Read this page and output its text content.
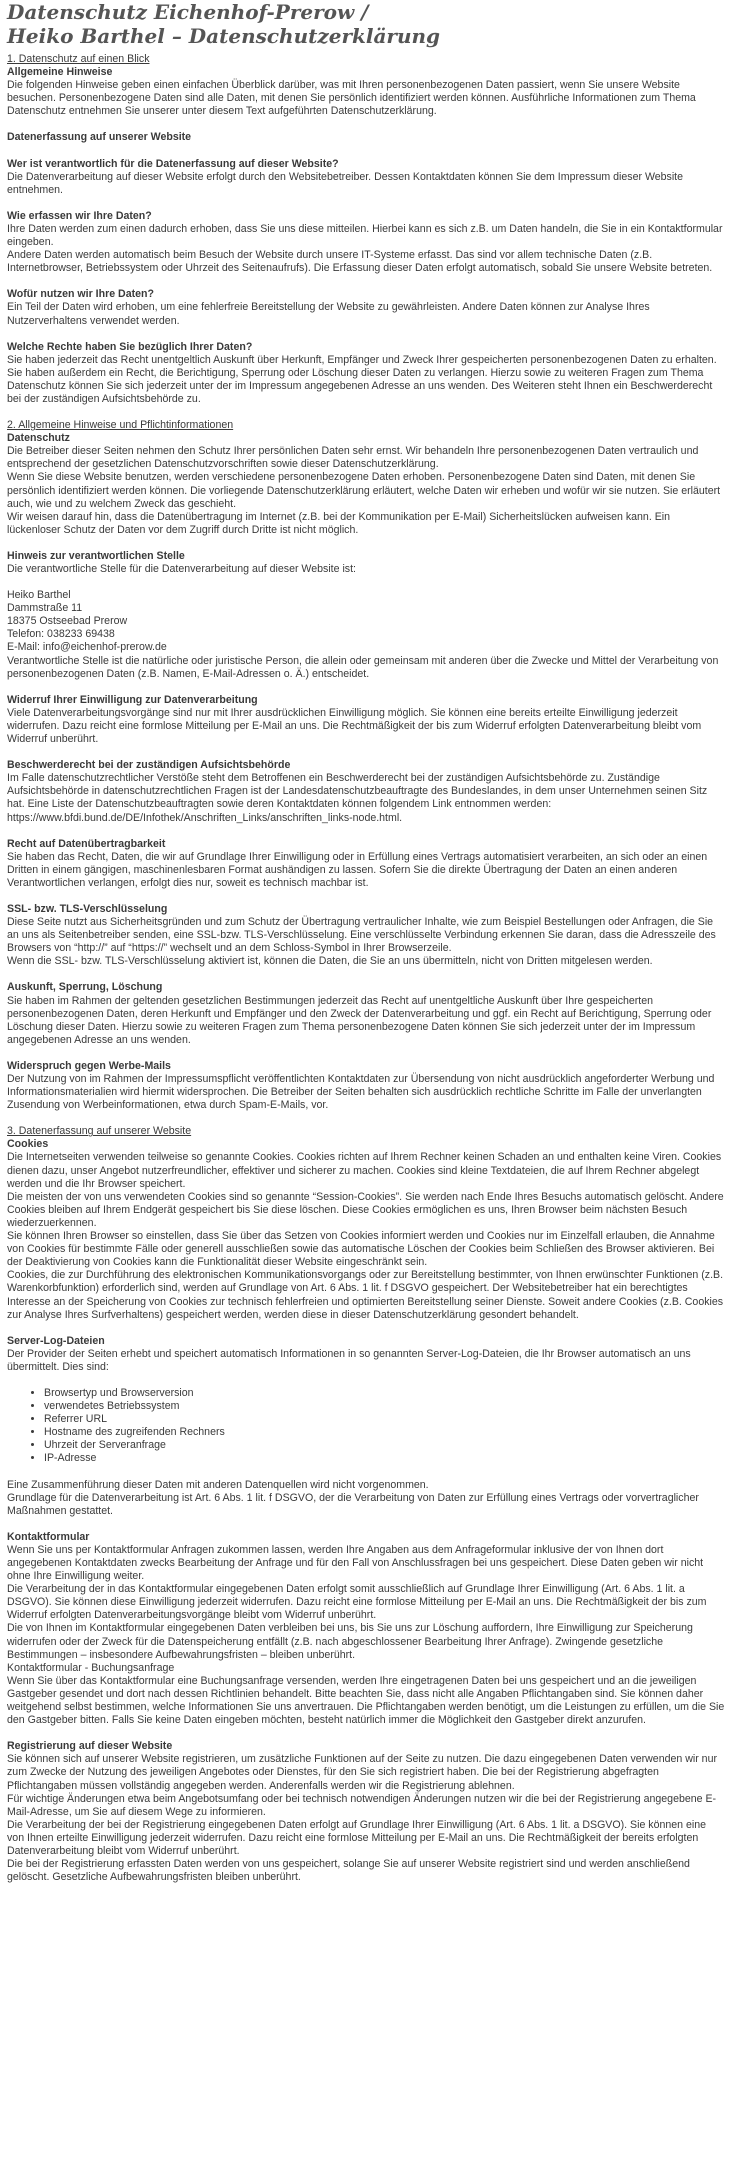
Datenschutz Eichenhof-Prerow /
Heiko Barthel – Datenschutzerklärung

1. Datenschutz auf einen Blick

Allgemeine Hinweise

Die folgenden Hinweise geben einen einfachen Überblick darüber, was mit Ihren personenbezogenen Daten passiert, wenn Sie unsere Website besuchen. Personenbezogene Daten sind alle Daten, mit denen Sie persönlich identifiziert werden können. Ausführliche Informationen zum Thema Datenschutz entnehmen Sie unserer unter diesem Text aufgeführten Datenschutzerklärung.

Datenerfassung auf unserer Website

Wer ist verantwortlich für die Datenerfassung auf dieser Website?

Die Datenverarbeitung auf dieser Website erfolgt durch den Websitebetreiber. Dessen Kontaktdaten können Sie dem Impressum dieser Website entnehmen.

Wie erfassen wir Ihre Daten?

Ihre Daten werden zum einen dadurch erhoben, dass Sie uns diese mitteilen. Hierbei kann es sich z.B. um Daten handeln, die Sie in ein Kontaktformular eingeben.
Andere Daten werden automatisch beim Besuch der Website durch unsere IT-Systeme erfasst. Das sind vor allem technische Daten (z.B. Internetbrowser, Betriebssystem oder Uhrzeit des Seitenaufrufs). Die Erfassung dieser Daten erfolgt automatisch, sobald Sie unsere Website betreten.

Wofür nutzen wir Ihre Daten?

Ein Teil der Daten wird erhoben, um eine fehlerfreie Bereitstellung der Website zu gewährleisten. Andere Daten können zur Analyse Ihres Nutzerverhaltens verwendet werden.

Welche Rechte haben Sie bezüglich Ihrer Daten?

Sie haben jederzeit das Recht unentgeltlich Auskunft über Herkunft, Empfänger und Zweck Ihrer gespeicherten personenbezogenen Daten zu erhalten. Sie haben außerdem ein Recht, die Berichtigung, Sperrung oder Löschung dieser Daten zu verlangen. Hierzu sowie zu weiteren Fragen zum Thema Datenschutz können Sie sich jederzeit unter der im Impressum angegebenen Adresse an uns wenden. Des Weiteren steht Ihnen ein Beschwerderecht bei der zuständigen Aufsichtsbehörde zu.

2. Allgemeine Hinweise und Pflichtinformationen

Datenschutz

Die Betreiber dieser Seiten nehmen den Schutz Ihrer persönlichen Daten sehr ernst. Wir behandeln Ihre personenbezogenen Daten vertraulich und entsprechend der gesetzlichen Datenschutzvorschriften sowie dieser Datenschutzerklärung.
Wenn Sie diese Website benutzen, werden verschiedene personenbezogene Daten erhoben. Personenbezogene Daten sind Daten, mit denen Sie persönlich identifiziert werden können. Die vorliegende Datenschutzerklärung erläutert, welche Daten wir erheben und wofür wir sie nutzen. Sie erläutert auch, wie und zu welchem Zweck das geschieht.
Wir weisen darauf hin, dass die Datenübertragung im Internet (z.B. bei der Kommunikation per E-Mail) Sicherheitslücken aufweisen kann. Ein lückenloser Schutz der Daten vor dem Zugriff durch Dritte ist nicht möglich.

Hinweis zur verantwortlichen Stelle

Die verantwortliche Stelle für die Datenverarbeitung auf dieser Website ist:

Heiko Barthel

Dammstraße 11

18375 Ostseebad Prerow

Telefon: 038233 69438

E-Mail: info@eichenhof-prerow.de

Verantwortliche Stelle ist die natürliche oder juristische Person, die allein oder gemeinsam mit anderen über die Zwecke und Mittel der Verarbeitung von personenbezogenen Daten (z.B. Namen, E-Mail-Adressen o. Ä.) entscheidet.

Widerruf Ihrer Einwilligung zur Datenverarbeitung

Viele Datenverarbeitungsvorgänge sind nur mit Ihrer ausdrücklichen Einwilligung möglich. Sie können eine bereits erteilte Einwilligung jederzeit widerrufen. Dazu reicht eine formlose Mitteilung per E-Mail an uns. Die Rechtmäßigkeit der bis zum Widerruf erfolgten Datenverarbeitung bleibt vom Widerruf unberührt.

Beschwerderecht bei der zuständigen Aufsichtsbehörde

Im Falle datenschutzrechtlicher Verstöße steht dem Betroffenen ein Beschwerderecht bei der zuständigen Aufsichtsbehörde zu. Zuständige Aufsichtsbehörde in datenschutzrechtlichen Fragen ist der Landesdatenschutzbeauftragte des Bundeslandes, in dem unser Unternehmen seinen Sitz hat. Eine Liste der Datenschutzbeauftragten sowie deren Kontaktdaten können folgendem Link entnommen werden: https://www.bfdi.bund.de/DE/Infothek/Anschriften_Links/anschriften_links-node.html.

Recht auf Datenübertragbarkeit

Sie haben das Recht, Daten, die wir auf Grundlage Ihrer Einwilligung oder in Erfüllung eines Vertrags automatisiert verarbeiten, an sich oder an einen Dritten in einem gängigen, maschinenlesbaren Format aushändigen zu lassen. Sofern Sie die direkte Übertragung der Daten an einen anderen Verantwortlichen verlangen, erfolgt dies nur, soweit es technisch machbar ist.

SSL- bzw. TLS-Verschlüsselung

Diese Seite nutzt aus Sicherheitsgründen und zum Schutz der Übertragung vertraulicher Inhalte, wie zum Beispiel Bestellungen oder Anfragen, die Sie an uns als Seitenbetreiber senden, eine SSL-bzw. TLS-Verschlüsselung. Eine verschlüsselte Verbindung erkennen Sie daran, dass die Adresszeile des Browsers von “http://” auf “https://” wechselt und an dem Schloss-Symbol in Ihrer Browserzeile.
Wenn die SSL- bzw. TLS-Verschlüsselung aktiviert ist, können die Daten, die Sie an uns übermitteln, nicht von Dritten mitgelesen werden.

Auskunft, Sperrung, Löschung

Sie haben im Rahmen der geltenden gesetzlichen Bestimmungen jederzeit das Recht auf unentgeltliche Auskunft über Ihre gespeicherten personenbezogenen Daten, deren Herkunft und Empfänger und den Zweck der Datenverarbeitung und ggf. ein Recht auf Berichtigung, Sperrung oder Löschung dieser Daten. Hierzu sowie zu weiteren Fragen zum Thema personenbezogene Daten können Sie sich jederzeit unter der im Impressum angegebenen Adresse an uns wenden.

Widerspruch gegen Werbe-Mails

Der Nutzung von im Rahmen der Impressumspflicht veröffentlichten Kontaktdaten zur Übersendung von nicht ausdrücklich angeforderter Werbung und Informationsmaterialien wird hiermit widersprochen. Die Betreiber der Seiten behalten sich ausdrücklich rechtliche Schritte im Falle der unverlangten Zusendung von Werbeinformationen, etwa durch Spam-E-Mails, vor.

3. Datenerfassung auf unserer Website

Cookies

Die Internetseiten verwenden teilweise so genannte Cookies. Cookies richten auf Ihrem Rechner keinen Schaden an und enthalten keine Viren. Cookies dienen dazu, unser Angebot nutzerfreundlicher, effektiver und sicherer zu machen. Cookies sind kleine Textdateien, die auf Ihrem Rechner abgelegt werden und die Ihr Browser speichert.
Die meisten der von uns verwendeten Cookies sind so genannte “Session-Cookies”. Sie werden nach Ende Ihres Besuchs automatisch gelöscht. Andere Cookies bleiben auf Ihrem Endgerät gespeichert bis Sie diese löschen. Diese Cookies ermöglichen es uns, Ihren Browser beim nächsten Besuch wiederzuerkennen.
Sie können Ihren Browser so einstellen, dass Sie über das Setzen von Cookies informiert werden und Cookies nur im Einzelfall erlauben, die Annahme von Cookies für bestimmte Fälle oder generell ausschließen sowie das automatische Löschen der Cookies beim Schließen des Browser aktivieren. Bei der Deaktivierung von Cookies kann die Funktionalität dieser Website eingeschränkt sein.
Cookies, die zur Durchführung des elektronischen Kommunikationsvorgangs oder zur Bereitstellung bestimmter, von Ihnen erwünschter Funktionen (z.B. Warenkorbfunktion) erforderlich sind, werden auf Grundlage von Art. 6 Abs. 1 lit. f DSGVO gespeichert. Der Websitebetreiber hat ein berechtigtes Interesse an der Speicherung von Cookies zur technisch fehlerfreien und optimierten Bereitstellung seiner Dienste. Soweit andere Cookies (z.B. Cookies zur Analyse Ihres Surfverhaltens) gespeichert werden, werden diese in dieser Datenschutzerklärung gesondert behandelt.

Server-Log-Dateien

Der Provider der Seiten erhebt und speichert automatisch Informationen in so genannten Server-Log-Dateien, die Ihr Browser automatisch an uns übermittelt. Dies sind:

• Browsertyp und Browserversion
• verwendetes Betriebssystem
• Referrer URL
• Hostname des zugreifenden Rechners
• Uhrzeit der Serveranfrage
• IP-Adresse

Eine Zusammenführung dieser Daten mit anderen Datenquellen wird nicht vorgenommen.
Grundlage für die Datenverarbeitung ist Art. 6 Abs. 1 lit. f DSGVO, der die Verarbeitung von Daten zur Erfüllung eines Vertrags oder vorvertraglicher Maßnahmen gestattet.

Kontaktformular

Wenn Sie uns per Kontaktformular Anfragen zukommen lassen, werden Ihre Angaben aus dem Anfrageformular inklusive der von Ihnen dort angegebenen Kontaktdaten zwecks Bearbeitung der Anfrage und für den Fall von Anschlussfragen bei uns gespeichert. Diese Daten geben wir nicht ohne Ihre Einwilligung weiter.
Die Verarbeitung der in das Kontaktformular eingegebenen Daten erfolgt somit ausschließlich auf Grundlage Ihrer Einwilligung (Art. 6 Abs. 1 lit. a DSGVO). Sie können diese Einwilligung jederzeit widerrufen. Dazu reicht eine formlose Mitteilung per E-Mail an uns. Die Rechtmäßigkeit der bis zum Widerruf erfolgten Datenverarbeitungsvorgänge bleibt vom Widerruf unberührt.
Die von Ihnen im Kontaktformular eingegebenen Daten verbleiben bei uns, bis Sie uns zur Löschung auffordern, Ihre Einwilligung zur Speicherung widerrufen oder der Zweck für die Datenspeicherung entfällt (z.B. nach abgeschlossener Bearbeitung Ihrer Anfrage). Zwingende gesetzliche Bestimmungen – insbesondere Aufbewahrungsfristen – bleiben unberührt.
Kontaktformular - Buchungsanfrage
Wenn Sie über das Kontaktformular eine Buchungsanfrage versenden, werden Ihre eingetragenen Daten bei uns gespeichert und an die jeweiligen Gastgeber gesendet und dort nach dessen Richtlinien behandelt. Bitte beachten Sie, dass nicht alle Angaben Pflichtangaben sind. Sie können daher weitgehend selbst bestimmen, welche Informationen Sie uns anvertrauen. Die Pflichtangaben werden benötigt, um die Leistungen zu erfüllen, um die Sie den Gastgeber bitten. Falls Sie keine Daten eingeben möchten, besteht natürlich immer die Möglichkeit den Gastgeber direkt anzurufen.

Registrierung auf dieser Website

Sie können sich auf unserer Website registrieren, um zusätzliche Funktionen auf der Seite zu nutzen. Die dazu eingegebenen Daten verwenden wir nur zum Zwecke der Nutzung des jeweiligen Angebotes oder Dienstes, für den Sie sich registriert haben. Die bei der Registrierung abgefragten Pflichtangaben müssen vollständig angegeben werden. Anderenfalls werden wir die Registrierung ablehnen.
Für wichtige Änderungen etwa beim Angebotsumfang oder bei technisch notwendigen Änderungen nutzen wir die bei der Registrierung angegebene E-Mail-Adresse, um Sie auf diesem Wege zu informieren.
Die Verarbeitung der bei der Registrierung eingegebenen Daten erfolgt auf Grundlage Ihrer Einwilligung (Art. 6 Abs. 1 lit. a DSGVO). Sie können eine von Ihnen erteilte Einwilligung jederzeit widerrufen. Dazu reicht eine formlose Mitteilung per E-Mail an uns. Die Rechtmäßigkeit der bereits erfolgten Datenverarbeitung bleibt vom Widerruf unberührt.
Die bei der Registrierung erfassten Daten werden von uns gespeichert, solange Sie auf unserer Website registriert sind und werden anschließend gelöscht. Gesetzliche Aufbewahrungsfristen bleiben unberührt.
